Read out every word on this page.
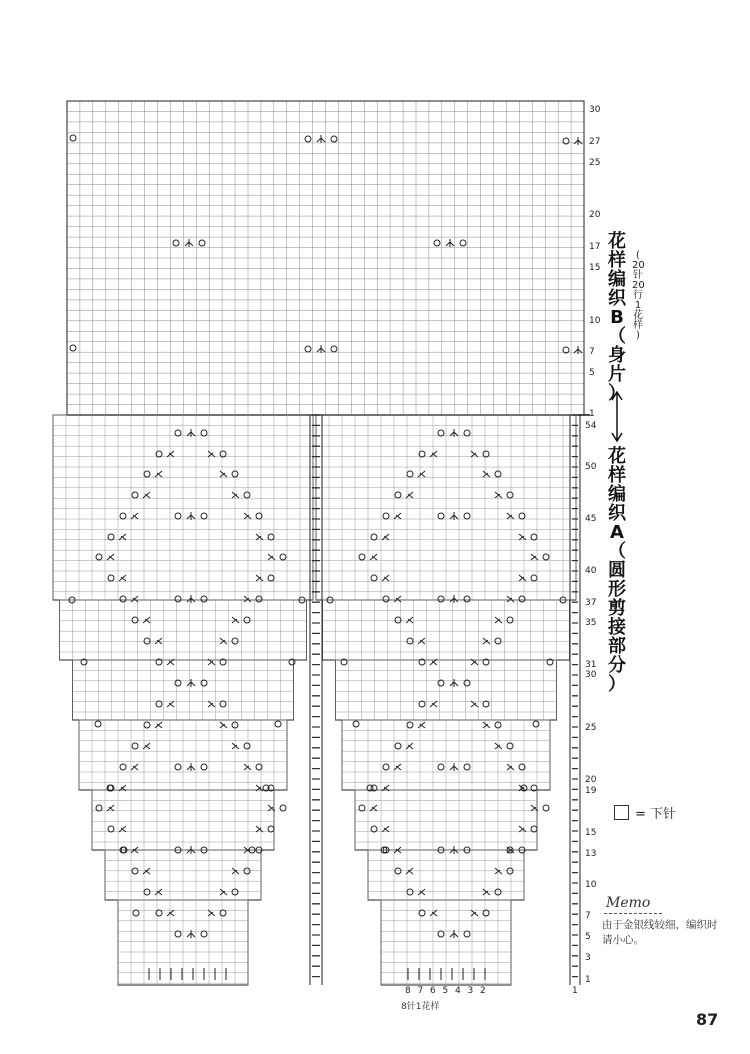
30
27
25
20
17
15
10
7
5
1
54
50
45
40
37
35
31
30
25
20
19
15
13
10
7
5
3
1
8 7 6 5 4 3 2	1
花
样
编
织
B
（
身
片
）
(
20
针
20
行
1
花
样
)
花
样
编
织
A
（
圆
形
剪
接
部
分
）
= 下针
Memo
由于金银线较细，编织时请小心。
8针1花样
87
